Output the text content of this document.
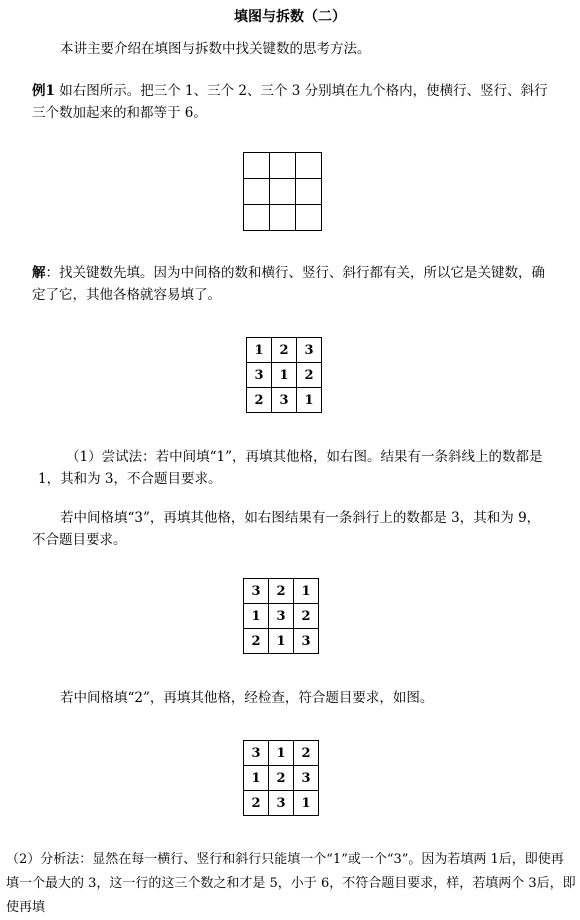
填图与拆数（二）
本讲主要介绍在填图与拆数中找关键数的思考方法。
例1 如右图所示。把三个 1、三个 2、三个 3 分别填在九个格内，使横行、竖行、斜行三个数加起来的和都等于 6。

解：找关键数先填。因为中间格的数和横行、竖行、斜行都有关，所以它是关键数，确定了它，其他各格就容易填了。
1	2	3
3	1	2
2	3	1
（1）尝试法：若中间填“1”，再填其他格，如右图。结果有一条斜线上的数都是 1，其和为 3，不合题目要求。
若中间格填“3”，再填其他格，如右图结果有一条斜行上的数都是 3，其和为 9，不合题目要求。
3	2	1
1	3	2
2	1	3
若中间格填“2”，再填其他格，经检查，符合题目要求，如图。
3	1	2
1	2	3
2	3	1
（2）分析法：显然在每一横行、竖行和斜行只能填一个“1”或一个“3”。因为若填两 1后，即使再填一个最大的 3，这一行的这三个数之和才是 5，小于 6，不符合题目要求，样，若填两个 3后，即使再填
